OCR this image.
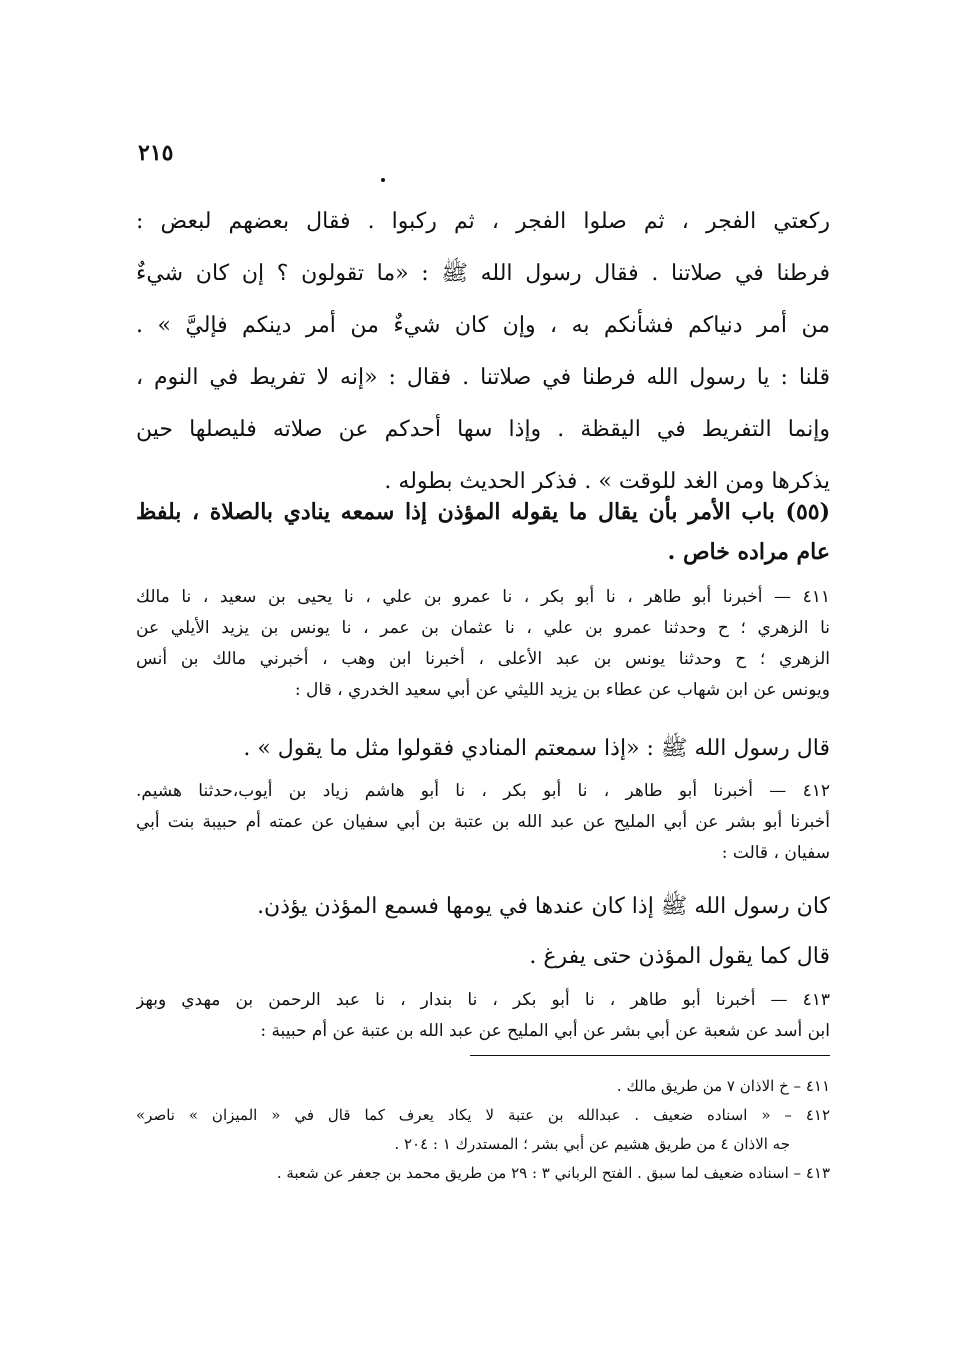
٢١٥
ركعتي الفجر ، ثم صلوا الفجر ، ثم ركبوا . فقال بعضهم لبعض :
فرطنا في صلاتنا . فقال رسول الله ﷺ : «ما تقولون ؟ إن كان شيءٌ
من أمر دنياكم فشأنكم به ، وإن كان شيءٌ من أمر دينكم فإليَّ » .
قلنا : يا رسول الله فرطنا في صلاتنا . فقال : «إنه لا تفريط في النوم ،
وإنما التفريط في اليقظة . وإذا سها أحدكم عن صلاته فليصلها حين
يذكرها ومن الغد للوقت » . فذكر الحديث بطوله .
(٥٥) باب الأمر بأن يقال ما يقوله المؤذن إذا سمعه ينادي بالصلاة ، بلفظ
عام مراده خاص .
٤١١ — أخبرنا أبو طاهر ، نا أبو بكر ، نا عمرو بن علي ، نا يحيى بن سعيد ، نا مالك
نا الزهري ؛ ح وحدثنا عمرو بن علي ، نا عثمان بن عمر ، نا يونس بن يزيد الأيلي عن
الزهري ؛ ح وحدثنا يونس بن عبد الأعلى ، أخبرنا ابن وهب ، أخبرني مالك بن أنس
ويونس عن ابن شهاب عن عطاء بن يزيد الليثي عن أبي سعيد الخدري ، قال :
قال رسول الله ﷺ : «إذا سمعتم المنادي فقولوا مثل ما يقول » .
٤١٢ — أخبرنا أبو طاهر ، نا أبو بكر ، نا أبو هاشم زياد بن أيوب،حدثنا هشيم.
أخبرنا أبو بشر عن أبي المليح عن عبد الله بن عتبة بن أبي سفيان عن عمته أم حبيبة بنت أبي
سفيان ، قالت :
كان رسول الله ﷺ إذا كان عندها في يومها فسمع المؤذن يؤذن.
قال كما يقول المؤذن حتى يفرغ .
٤١٣ — أخبرنا أبو طاهر ، نا أبو بكر ، نا بندار ، نا عبد الرحمن بن مهدي وبهز
ابن أسد عن شعبة عن أبي بشر عن أبي المليح عن عبد الله بن عتبة عن أم حبيبة :
٤١١ – خ الاذان ٧ من طريق مالك .
٤١٢ – « اسناده ضعيف . عبدالله بن عتبة لا يكاد يعرف كما قال في « الميزان » ناصر»
جه الاذان ٤ من طريق هشيم عن أبي بشر ؛ المستدرك ١ : ٢٠٤ .
٤١٣ – اسناده ضعيف لما سبق . الفتح الرباني ٣ : ٢٩ من طريق محمد بن جعفر عن شعبة .
